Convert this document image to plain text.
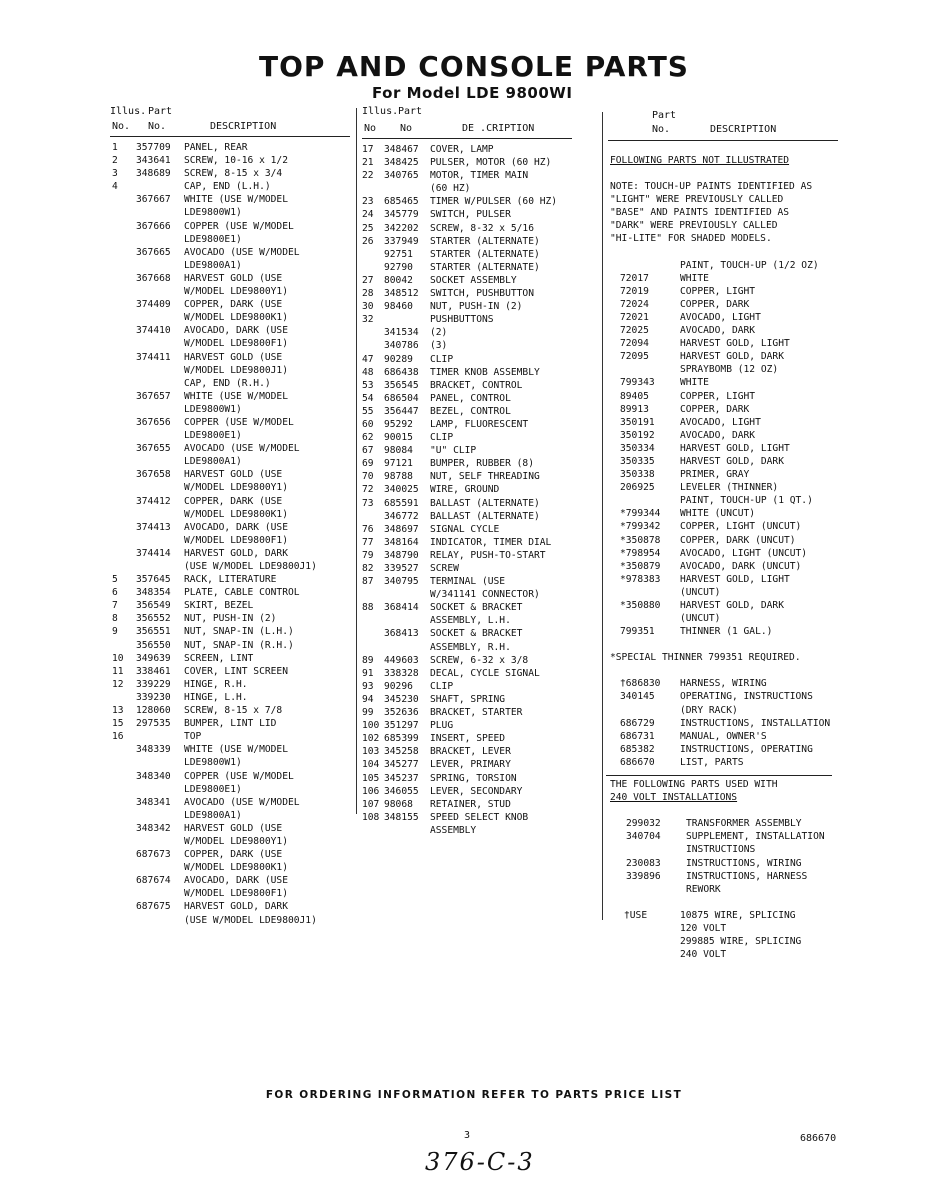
TOP AND CONSOLE PARTS
For Model LDE 9800WI
Illus. Part
No. No.	DESCRIPTION
Illus. Part
No No	DE .CRIPTION
Part
No.	DESCRIPTION
1 357709 PANEL, REAR
2 343641 SCREW, 10-16 x 1/2
3 348689 SCREW, 8-15 x 3/4
4	CAP, END (L.H.)
367667 WHITE (USE W/MODEL
LDE9800W1)
367666 COPPER (USE W/MODEL
LDE9800E1)
367665 AVOCADO (USE W/MODEL
LDE9800A1)
367668 HARVEST GOLD (USE
W/MODEL LDE9800Y1)
374409 COPPER, DARK (USE
W/MODEL LDE9800K1)
374410 AVOCADO, DARK (USE
W/MODEL LDE9800F1)
374411 HARVEST GOLD (USE
W/MODEL LDE9800J1)
CAP, END (R.H.)
367657 WHITE (USE W/MODEL
LDE9800W1)
367656 COPPER (USE W/MODEL
LDE9800E1)
367655 AVOCADO (USE W/MODEL
LDE9800A1)
367658 HARVEST GOLD (USE
W/MODEL LDE9800Y1)
374412 COPPER, DARK (USE
W/MODEL LDE9800K1)
374413 AVOCADO, DARK (USE
W/MODEL LDE9800F1)
374414 HARVEST GOLD, DARK
(USE W/MODEL LDE9800J1)
5 357645 RACK, LITERATURE
6 348354 PLATE, CABLE CONTROL
7 356549 SKIRT, BEZEL
8 356552 NUT, PUSH-IN (2)
9 356551 NUT, SNAP-IN (L.H.)
356550 NUT, SNAP-IN (R.H.)
10 349639 SCREEN, LINT
11 338461 COVER, LINT SCREEN
12 339229 HINGE, R.H.
339230 HINGE, L.H.
13 128060 SCREW, 8-15 x 7/8
15 297535 BUMPER, LINT LID
16	TOP
348339 WHITE (USE W/MODEL
LDE9800W1)
348340 COPPER (USE W/MODEL
LDE9800E1)
348341 AVOCADO (USE W/MODEL
LDE9800A1)
348342 HARVEST GOLD (USE
W/MODEL LDE9800Y1)
687673 COPPER, DARK (USE
W/MODEL LDE9800K1)
687674 AVOCADO, DARK (USE
W/MODEL LDE9800F1)
687675 HARVEST GOLD, DARK
(USE W/MODEL LDE9800J1)
17 348467 COVER, LAMP
21 348425 PULSER, MOTOR (60 HZ)
22 340765 MOTOR, TIMER MAIN
(60 HZ)
23 685465 TIMER W/PULSER (60 HZ)
24 345779 SWITCH, PULSER
25 342202 SCREW, 8-32 x 5/16
26 337949 STARTER (ALTERNATE)
92751 STARTER (ALTERNATE)
92790 STARTER (ALTERNATE)
27 80042 SOCKET ASSEMBLY
28 348512 SWITCH, PUSHBUTTON
30 98460 NUT, PUSH-IN (2)
32	PUSHBUTTONS
341534 (2)
340786 (3)
47 90289 CLIP
48 686438 TIMER KNOB ASSEMBLY
53 356545 BRACKET, CONTROL
54 686504 PANEL, CONTROL
55 356447 BEZEL, CONTROL
60 95292 LAMP, FLUORESCENT
62 90015 CLIP
67 98084 "U" CLIP
69 97121 BUMPER, RUBBER (8)
70 98788 NUT, SELF THREADING
72 340025 WIRE, GROUND
73 685591 BALLAST (ALTERNATE)
346772 BALLAST (ALTERNATE)
76 348697 SIGNAL CYCLE
77 348164 INDICATOR, TIMER DIAL
79 348790 RELAY, PUSH-TO-START
82 339527 SCREW
87 340795 TERMINAL (USE
W/341141 CONNECTOR)
88 368414 SOCKET & BRACKET
ASSEMBLY, L.H.
368413 SOCKET & BRACKET
ASSEMBLY, R.H.
89 449603 SCREW, 6-32 x 3/8
91 338328 DECAL, CYCLE SIGNAL
93 90296 CLIP
94 345230 SHAFT, SPRING
99 352636 BRACKET, STARTER
100 351297 PLUG
102 685399 INSERT, SPEED
103 345258 BRACKET, LEVER
104 345277 LEVER, PRIMARY
105 345237 SPRING, TORSION
106 346055 LEVER, SECONDARY
107 98068 RETAINER, STUD
108 348155 SPEED SELECT KNOB
ASSEMBLY
FOLLOWING PARTS NOT ILLUSTRATED
NOTE: TOUCH-UP PAINTS IDENTIFIED AS
"LIGHT" WERE PREVIOUSLY CALLED
"BASE" AND PAINTS IDENTIFIED AS
"DARK" WERE PREVIOUSLY CALLED
"HI-LITE" FOR SHADED MODELS.
PAINT, TOUCH-UP (1/2 OZ)
72017	WHITE
72019	COPPER, LIGHT
72024	COPPER, DARK
72021	AVOCADO, LIGHT
72025	AVOCADO, DARK
72094	HARVEST GOLD, LIGHT
72095	HARVEST GOLD, DARK
SPRAYBOMB (12 OZ)
799343	WHITE
89405	COPPER, LIGHT
89913	COPPER, DARK
350191	AVOCADO, LIGHT
350192	AVOCADO, DARK
350334	HARVEST GOLD, LIGHT
350335	HARVEST GOLD, DARK
350338	PRIMER, GRAY
206925	LEVELER (THINNER)
PAINT, TOUCH-UP (1 QT.)
*799344 WHITE (UNCUT)
*799342 COPPER, LIGHT (UNCUT)
*350878 COPPER, DARK (UNCUT)
*798954 AVOCADO, LIGHT (UNCUT)
*350879 AVOCADO, DARK (UNCUT)
*978383 HARVEST GOLD, LIGHT
(UNCUT)
*350880 HARVEST GOLD, DARK
(UNCUT)
799351	THINNER (1 GAL.)
*SPECIAL THINNER 799351 REQUIRED.
†686830 HARNESS, WIRING
340145	OPERATING, INSTRUCTIONS
(DRY RACK)
686729	INSTRUCTIONS, INSTALLATION
686731	MANUAL, OWNER'S
685382	INSTRUCTIONS, OPERATING
686670	LIST, PARTS
THE FOLLOWING PARTS USED WITH
240 VOLT INSTALLATIONS
299032	TRANSFORMER ASSEMBLY
340704	SUPPLEMENT, INSTALLATION
INSTRUCTIONS
230083	INSTRUCTIONS, WIRING
339896	INSTRUCTIONS, HARNESS
REWORK
†USE	10875 WIRE, SPLICING
120 VOLT
299885 WIRE, SPLICING
240 VOLT
FOR ORDERING INFORMATION REFER TO PARTS PRICE LIST
3	686670
376-C-3
